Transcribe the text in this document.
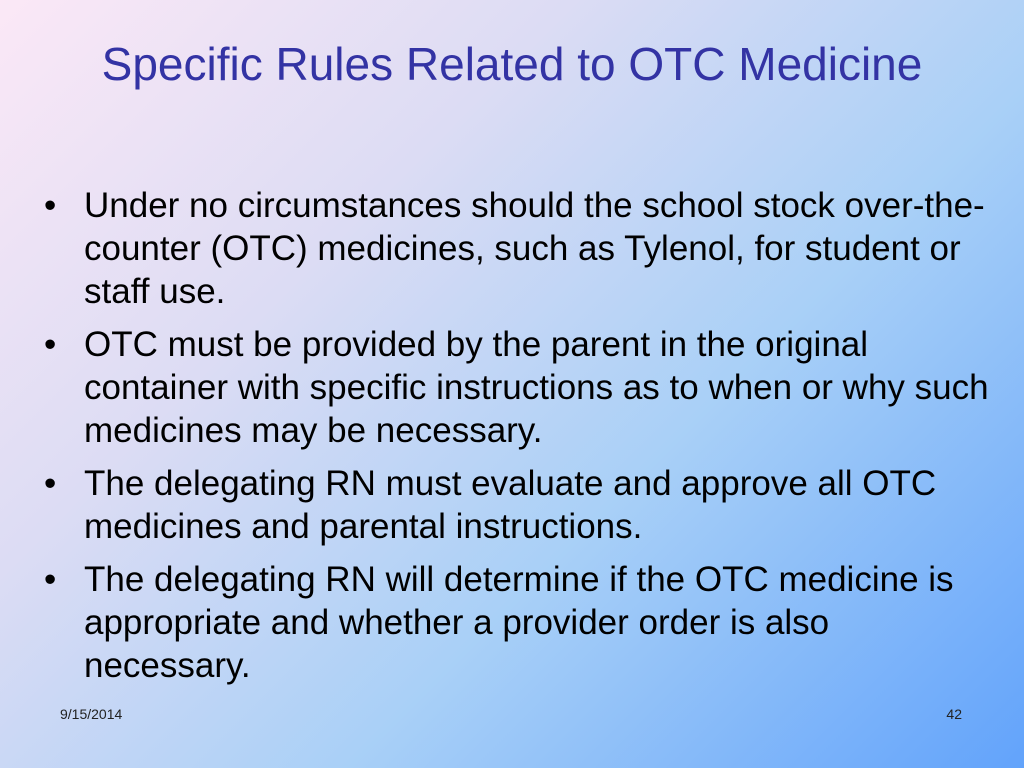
Specific Rules Related to OTC Medicine
• Under no circumstances should the school stock over-the-counter (OTC) medicines, such as Tylenol, for student or staff use.
• OTC must be provided by the parent in the original container with specific instructions as to when or why such medicines may be necessary.
• The delegating RN must evaluate and approve all OTC medicines and parental instructions.
• The delegating RN will determine if the OTC medicine is appropriate and whether a provider order is also necessary.
9/15/2014	42
